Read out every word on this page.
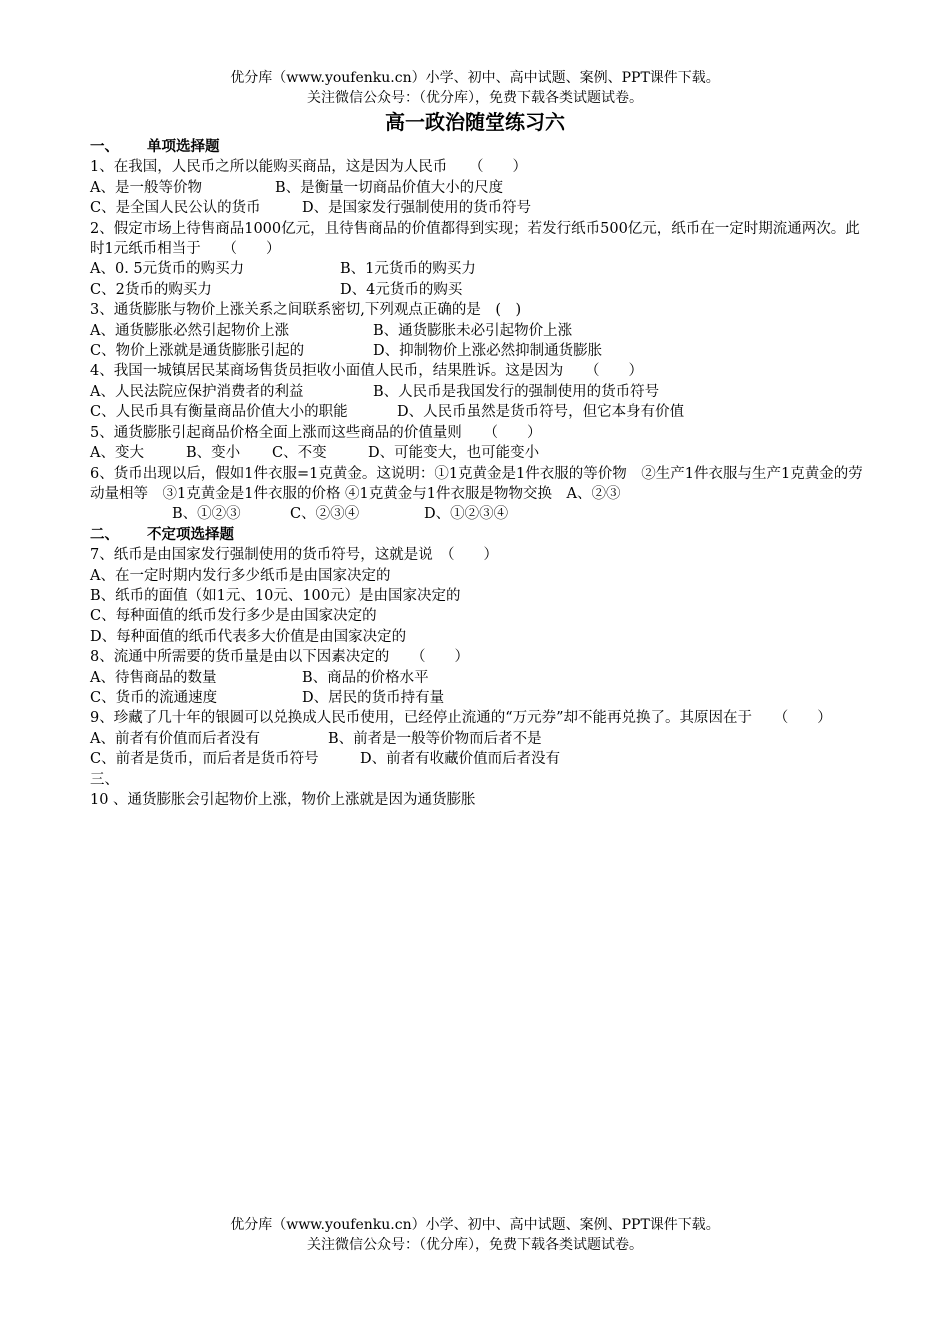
优分库（www.youfenku.cn）小学、初中、高中试题、案例、PPT课件下载。
关注微信公众号：（优分库），免费下载各类试题试卷。
高一政治随堂练习六
一、 单项选择题
1、在我国，人民币之所以能购买商品，这是因为人民币　　（　　）
A、是一般等价物	B、是衡量一切商品价值大小的尺度
C、是全国人民公认的货币	D、是国家发行强制使用的货币符号
2、假定市场上待售商品1000亿元，且待售商品的价值都得到实现；若发行纸币500亿元，纸币在一定时期流通两次。此时1元纸币相当于　　（　　）
A、0. 5元货币的购买力	B、1元货币的购买力
C、2货币的购买力	D、4元货币的购买
3、通货膨胀与物价上涨关系之间联系密切,下列观点正确的是　(　)
A、通货膨胀必然引起物价上涨	B、通货膨胀未必引起物价上涨
C、物价上涨就是通货膨胀引起的	D、抑制物价上涨必然抑制通货膨胀
4、我国一城镇居民某商场售货员拒收小面值人民币，结果胜诉。这是因为　　（　　）
A、人民法院应保护消费者的利益	B、人民币是我国发行的强制使用的货币符号
C、人民币具有衡量商品价值大小的职能	D、人民币虽然是货币符号，但它本身有价值
5、通货膨胀引起商品价格全面上涨而这些商品的价值量则　　（　　）
A、变大	B、变小 C、不变	D、可能变大，也可能变小
6、货币出现以后，假如1件衣服=1克黄金。这说明：①1克黄金是1件衣服的等价物　②生产1件衣服与生产1克黄金的劳动量相等　③1克黄金是1件衣服的价格 ④1克黄金与1件衣服是物物交换　A、②③
B、①②③	C、②③④	D、①②③④
二、 不定项选择题
7、纸币是由国家发行强制使用的货币符号，这就是说　（　　）
A、在一定时期内发行多少纸币是由国家决定的
B、纸币的面值（如1元、10元、100元）是由国家决定的
C、每种面值的纸币发行多少是由国家决定的
D、每种面值的纸币代表多大价值是由国家决定的
8、流通中所需要的货币量是由以下因素决定的　　（　　）
A、待售商品的数量	B、商品的价格水平
C、货币的流通速度	D、居民的货币持有量
9、珍藏了几十年的银圆可以兑换成人民币使用，已经停止流通的“万元券”却不能再兑换了。其原因在于　　（　　）
A、前者有价值而后者没有	B、前者是一般等价物而后者不是
C、前者是货币，而后者是货币符号	D、前者有收藏价值而后者没有
三、
10 、通货膨胀会引起物价上涨，物价上涨就是因为通货膨胀
优分库（www.youfenku.cn）小学、初中、高中试题、案例、PPT课件下载。
关注微信公众号：（优分库），免费下载各类试题试卷。
